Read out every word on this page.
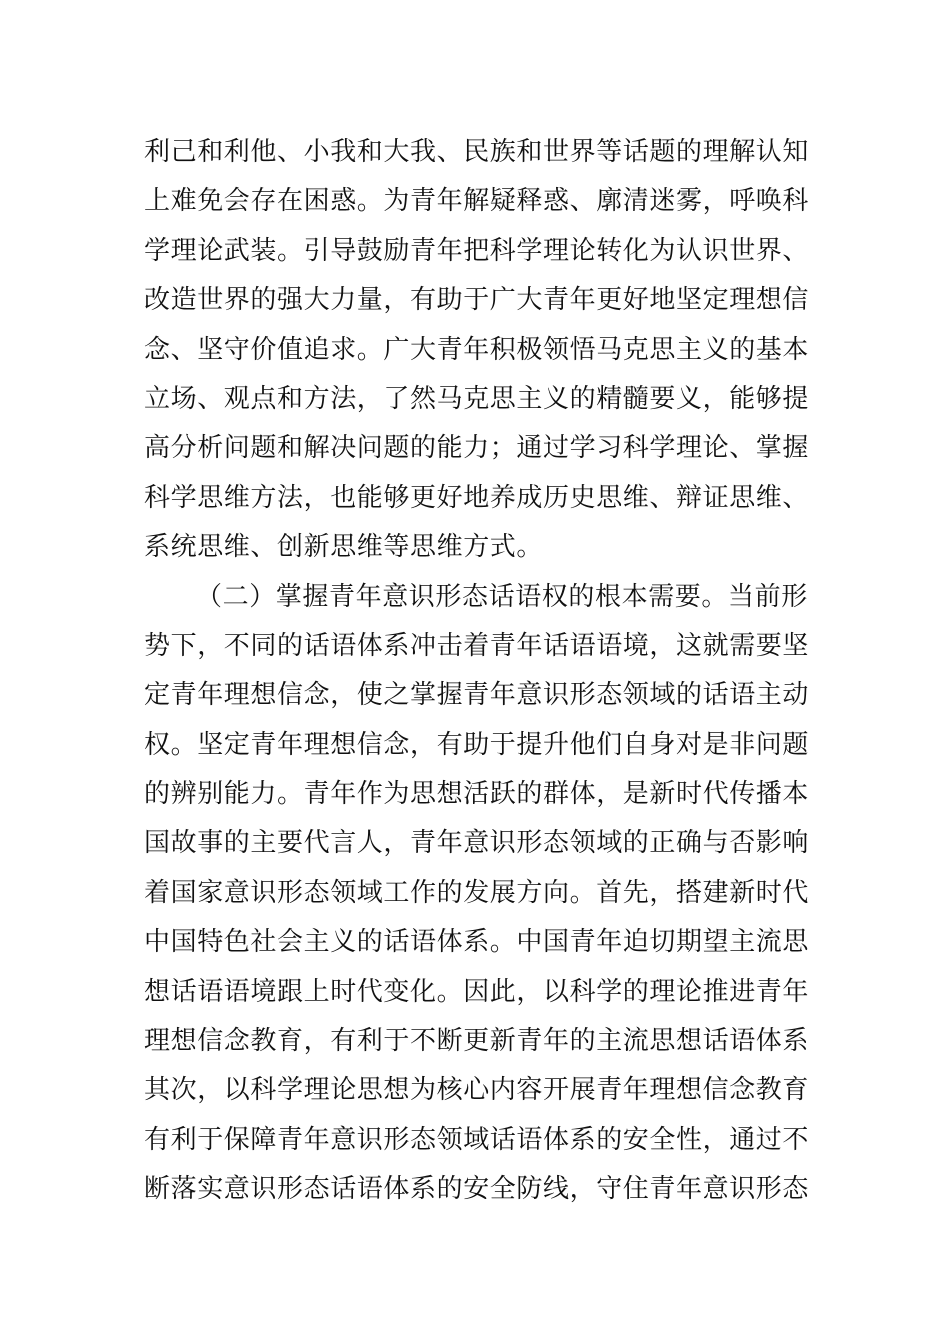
利己和利他、小我和大我、民族和世界等话题的理解认知
上难免会存在困惑。为青年解疑释惑、廓清迷雾，呼唤科
学理论武装。引导鼓励青年把科学理论转化为认识世界、
改造世界的强大力量，有助于广大青年更好地坚定理想信
念、坚守价值追求。广大青年积极领悟马克思主义的基本
立场、观点和方法，了然马克思主义的精髓要义，能够提
高分析问题和解决问题的能力；通过学习科学理论、掌握
科学思维方法，也能够更好地养成历史思维、辩证思维、
系统思维、创新思维等思维方式。
（二）掌握青年意识形态话语权的根本需要。当前形
势下，不同的话语体系冲击着青年话语语境，这就需要坚
定青年理想信念，使之掌握青年意识形态领域的话语主动
权。坚定青年理想信念，有助于提升他们自身对是非问题
的辨别能力。青年作为思想活跃的群体，是新时代传播本
国故事的主要代言人，青年意识形态领域的正确与否影响
着国家意识形态领域工作的发展方向。首先，搭建新时代
中国特色社会主义的话语体系。中国青年迫切期望主流思
想话语语境跟上时代变化。因此，以科学的理论推进青年
理想信念教育，有利于不断更新青年的主流思想话语体系
其次，以科学理论思想为核心内容开展青年理想信念教育
有利于保障青年意识形态领域话语体系的安全性，通过不
断落实意识形态话语体系的安全防线，守住青年意识形态
